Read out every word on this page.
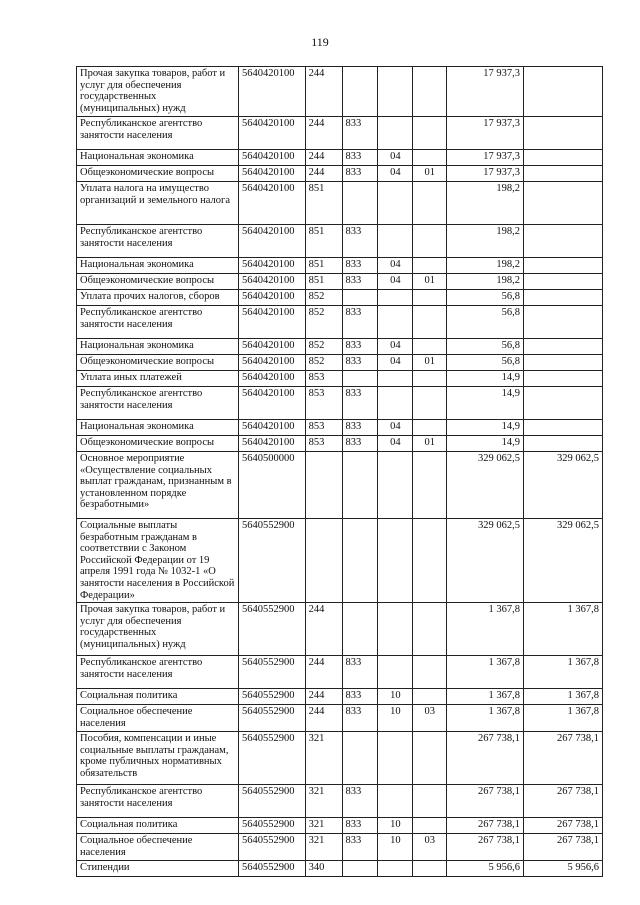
119
Прочая закупка товаров, работ и услуг для обеспечения государственных (муниципальных) нужд	5640420100	244				17 937,3	
Республиканское агентство занятости населения	5640420100	244	833			17 937,3	
Национальная экономика	5640420100	244	833	04		17 937,3	
Общеэкономические вопросы	5640420100	244	833	04	01	17 937,3	
Уплата налога на имущество организаций и земельного налога	5640420100	851				198,2	
Республиканское агентство занятости населения	5640420100	851	833			198,2	
Национальная экономика	5640420100	851	833	04		198,2	
Общеэкономические вопросы	5640420100	851	833	04	01	198,2	
Уплата прочих налогов, сборов	5640420100	852				56,8	
Республиканское агентство занятости населения	5640420100	852	833			56,8	
Национальная экономика	5640420100	852	833	04		56,8	
Общеэкономические вопросы	5640420100	852	833	04	01	56,8	
Уплата иных платежей	5640420100	853				14,9	
Республиканское агентство занятости населения	5640420100	853	833			14,9	
Национальная экономика	5640420100	853	833	04		14,9	
Общеэкономические вопросы	5640420100	853	833	04	01	14,9	
Основное мероприятие «Осуществление социальных выплат гражданам, признанным в установленном порядке безработными»	5640500000					329 062,5	329 062,5
Социальные выплаты безработным гражданам в соответствии с Законом Российской Федерации от 19 апреля 1991 года № 1032-1 «О занятости населения в Российской Федерации»	5640552900					329 062,5	329 062,5
Прочая закупка товаров, работ и услуг для обеспечения государственных (муниципальных) нужд	5640552900	244				1 367,8	1 367,8
Республиканское агентство занятости населения	5640552900	244	833			1 367,8	1 367,8
Социальная политика	5640552900	244	833	10		1 367,8	1 367,8
Социальное обеспечение населения	5640552900	244	833	10	03	1 367,8	1 367,8
Пособия, компенсации и иные социальные выплаты гражданам, кроме публичных нормативных обязательств	5640552900	321				267 738,1	267 738,1
Республиканское агентство занятости населения	5640552900	321	833			267 738,1	267 738,1
Социальная политика	5640552900	321	833	10		267 738,1	267 738,1
Социальное обеспечение населения	5640552900	321	833	10	03	267 738,1	267 738,1
Стипендии	5640552900	340				5 956,6	5 956,6
